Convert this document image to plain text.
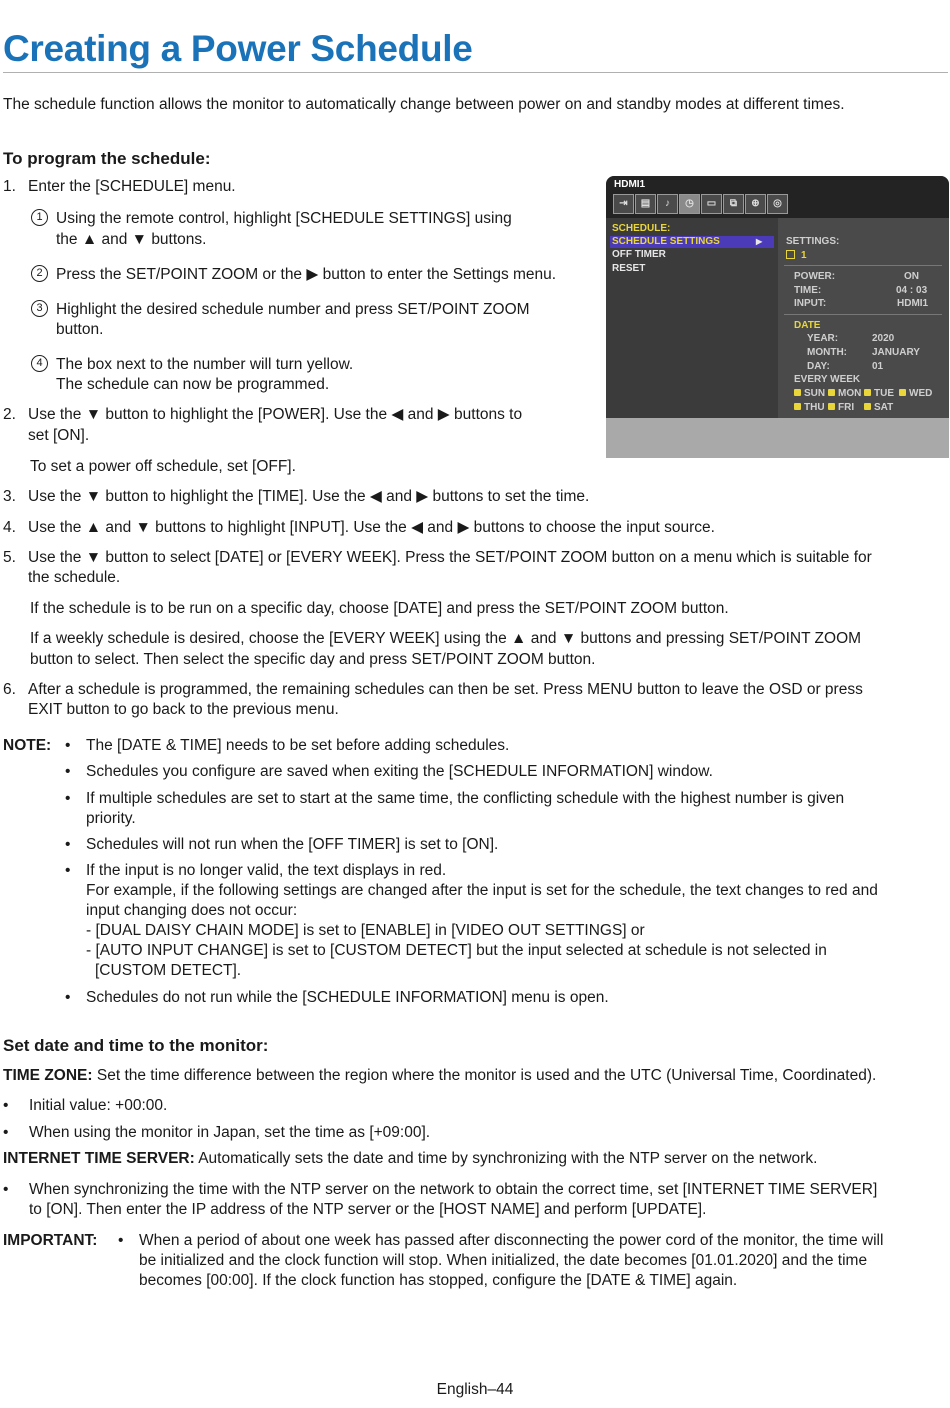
Creating a Power Schedule

The schedule function allows the monitor to automatically change between power on and standby modes at different times.

To program the schedule:

1. Enter the [SCHEDULE] menu.

1 Using the remote control, highlight [SCHEDULE SETTINGS] using

the ▲ and ▼ buttons.

2 Press the SET/POINT ZOOM or the ▶ button to enter the Settings menu.

3 Highlight the desired schedule number and press SET/POINT ZOOM

button.

4 The box next to the number will turn yellow.

The schedule can now be programmed.

2. Use the ▼ button to highlight the [POWER]. Use the ◀ and ▶ buttons to

set [ON].

To set a power off schedule, set [OFF].

3. Use the ▼ button to highlight the [TIME]. Use the ◀ and ▶ buttons to set the time.

4. Use the ▲ and ▼ buttons to highlight [INPUT]. Use the ◀ and ▶ buttons to choose the input source.

5. Use the ▼ button to select [DATE] or [EVERY WEEK]. Press the SET/POINT ZOOM button on a menu which is suitable for

the schedule.

If the schedule is to be run on a specific day, choose [DATE] and press the SET/POINT ZOOM button.

If a weekly schedule is desired, choose the [EVERY WEEK] using the ▲ and ▼ buttons and pressing SET/POINT ZOOM

button to select. Then select the specific day and press SET/POINT ZOOM button.

6. After a schedule is programmed, the remaining schedules can then be set. Press MENU button to leave the OSD or press

EXIT button to go back to the previous menu.

NOTE: • The [DATE & TIME] needs to be set before adding schedules.

• Schedules you configure are saved when exiting the [SCHEDULE INFORMATION] window.

• If multiple schedules are set to start at the same time, the conflicting schedule with the highest number is given

priority.

• Schedules will not run when the [OFF TIMER] is set to [ON].

• If the input is no longer valid, the text displays in red.

For example, if the following settings are changed after the input is set for the schedule, the text changes to red and

input changing does not occur:

- [DUAL DAISY CHAIN MODE] is set to [ENABLE] in [VIDEO OUT SETTINGS] or

- [AUTO INPUT CHANGE] is set to [CUSTOM DETECT] but the input selected at schedule is not selected in

[CUSTOM DETECT].

• Schedules do not run while the [SCHEDULE INFORMATION] menu is open.

Set date and time to the monitor:

TIME ZONE: Set the time difference between the region where the monitor is used and the UTC (Universal Time, Coordinated).

• Initial value: +00:00.

• When using the monitor in Japan, set the time as [+09:00].

INTERNET TIME SERVER: Automatically sets the date and time by synchronizing with the NTP server on the network.

• When synchronizing the time with the NTP server on the network to obtain the correct time, set [INTERNET TIME SERVER]

to [ON]. Then enter the IP address of the NTP server or the [HOST NAME] and perform [UPDATE].

IMPORTANT: • When a period of about one week has passed after disconnecting the power cord of the monitor, the time will

be initialized and the clock function will stop. When initialized, the date becomes [01.01.2020] and the time

becomes [00:00]. If the clock function has stopped, configure the [DATE & TIME] again.

HDMI1
⇥	▤	♪	◷	▭	⧉	⊕	◎
SCHEDULE:
SCHEDULE SETTINGS	▶
OFF TIMER
RESET
SETTINGS:
1
POWER:	ON
TIME:	04 : 03
INPUT:	HDMI1
DATE
YEAR:	2020
MONTH:	JANUARY
DAY:	01
EVERY WEEK
SUN	MON	TUE	WED
THU	FRI	SAT
English–44
